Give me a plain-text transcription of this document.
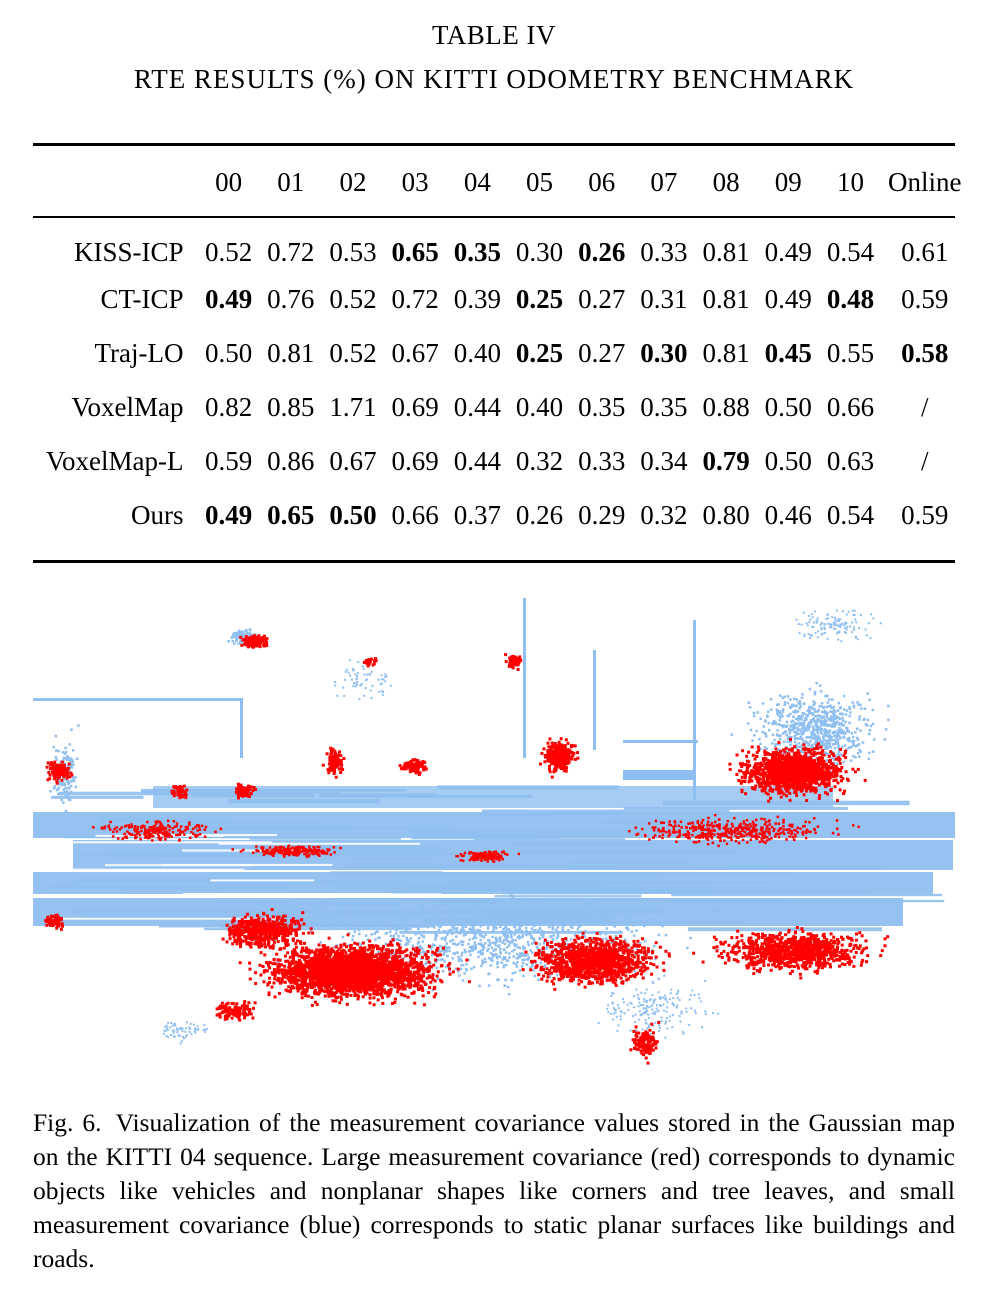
TABLE IV
RTE RESULTS (%) ON KITTI ODOMETRY BENCHMARK
	00	01	02	03	04	05	06	07	08	09	10	Online
KISS-ICP	0.52	0.72	0.53	0.65	0.35	0.30	0.26	0.33	0.81	0.49	0.54	0.61
CT-ICP	0.49	0.76	0.52	0.72	0.39	0.25	0.27	0.31	0.81	0.49	0.48	0.59
Traj-LO	0.50	0.81	0.52	0.67	0.40	0.25	0.27	0.30	0.81	0.45	0.55	0.58
VoxelMap	0.82	0.85	1.71	0.69	0.44	0.40	0.35	0.35	0.88	0.50	0.66	/
VoxelMap-L	0.59	0.86	0.67	0.69	0.44	0.32	0.33	0.34	0.79	0.50	0.63	/
Ours	0.49	0.65	0.50	0.66	0.37	0.26	0.29	0.32	0.80	0.46	0.54	0.59
Fig. 6. Visualization of the measurement covariance values stored in the Gaussian map on the KITTI 04 sequence. Large measurement covariance (red) corresponds to dynamic objects like vehicles and nonplanar shapes like corners and tree leaves, and small measurement covariance (blue) corresponds to static planar surfaces like buildings and roads.
